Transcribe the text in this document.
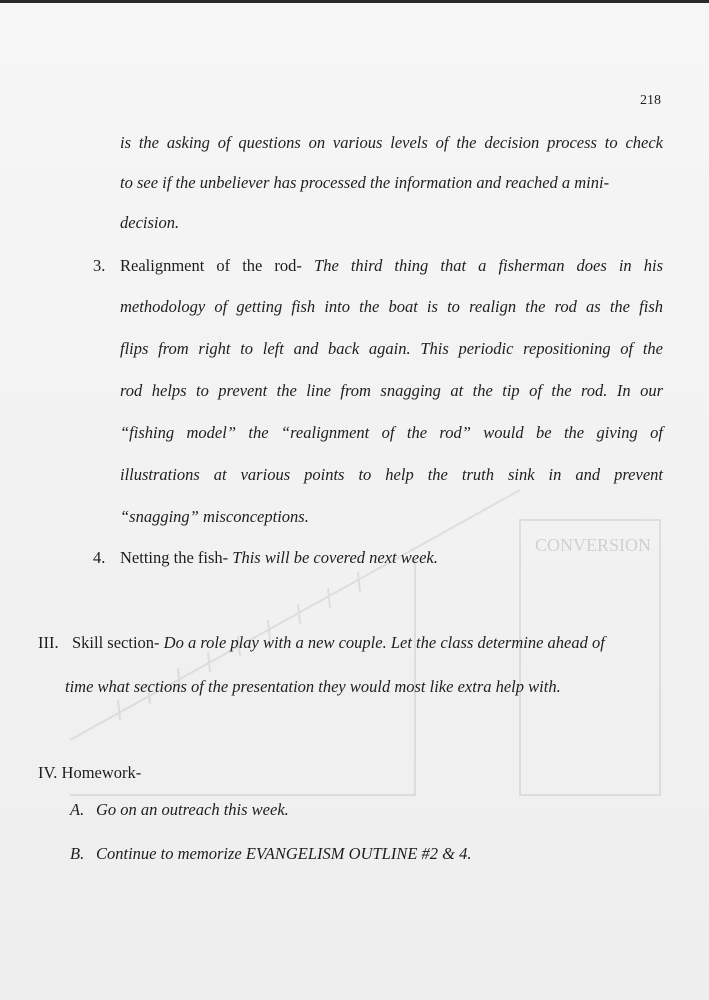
CONVERSION
218
is the asking of questions on various levels of the decision process to check
to see if the unbeliever has processed the information and reached a mini-
decision.
3. Realignment of the rod- The third thing that a fisherman does in his
methodology of getting fish into the boat is to realign the rod as the fish
flips from right to left and back again. This periodic repositioning of the
rod helps to prevent the line from snagging at the tip of the rod. In our
“fishing model” the “realignment of the rod” would be the giving of
illustrations at various points to help the truth sink in and prevent
“snagging” misconceptions.
4. Netting the fish- This will be covered next week.
III. Skill section- Do a role play with a new couple. Let the class determine ahead of
time what sections of the presentation they would most like extra help with.
IV. Homework-
A. Go on an outreach this week.
B. Continue to memorize EVANGELISM OUTLINE #2 & 4.
